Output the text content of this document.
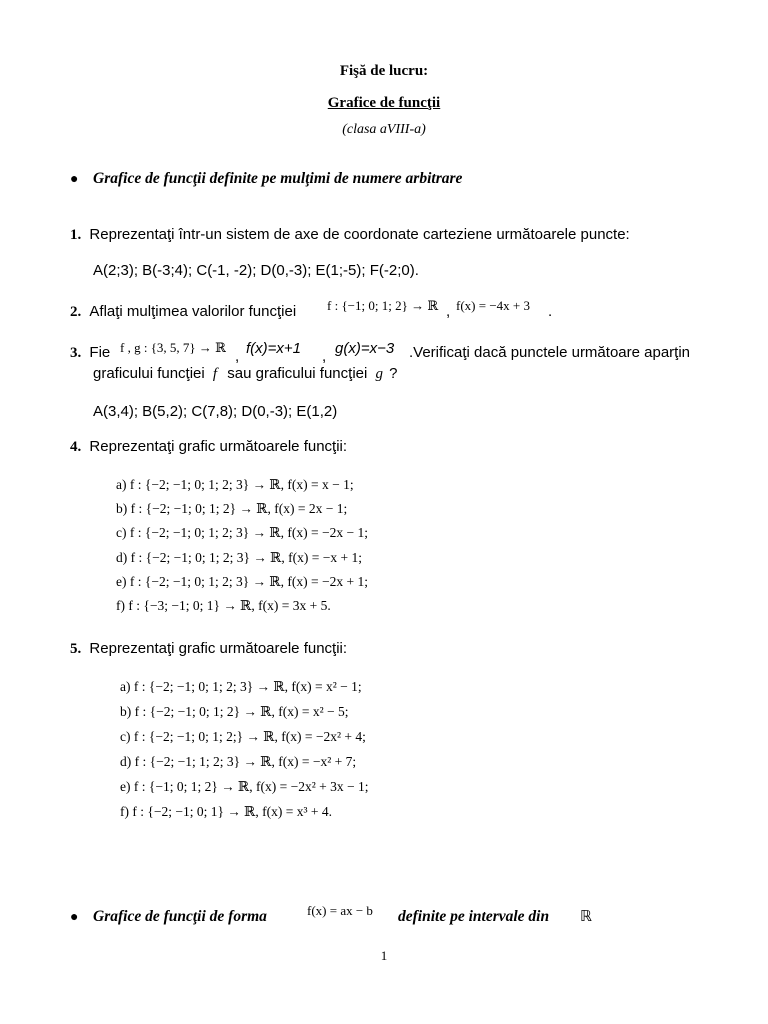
Fişă de lucru:
Grafice de funcţii
(clasa aVIII-a)
● Grafice de funcţii definite pe mulţimi de numere arbitrare
1. Reprezentaţi într-un sistem de axe de coordonate carteziene următoarele puncte:
A(2;3); B(-3;4); C(-1, -2); D(0,-3); E(1;-5); F(-2;0).
2. Aflaţi mulţimea valorilor funcţiei f : {−1; 0; 1; 2} → ℝ , f(x) = −4x + 3 .
3. Fie f , g : {3, 5, 7} → ℝ
, f(x)=x+1 , g(x)=x−3 .Verificaţi dacă punctele următoare aparţin
graficului funcţiei f sau graficului funcţiei g ?
A(3,4); B(5,2); C(7,8); D(0,-3); E(1,2)
4. Reprezentaţi grafic următoarele funcţii:
a) f : {−2; −1; 0; 1; 2; 3} → ℝ, f(x) = x − 1;
b) f : {−2; −1; 0; 1; 2} → ℝ, f(x) = 2x − 1;
c) f : {−2; −1; 0; 1; 2; 3} → ℝ, f(x) = −2x − 1;
d) f : {−2; −1; 0; 1; 2; 3} → ℝ, f(x) = −x + 1;
e) f : {−2; −1; 0; 1; 2; 3} → ℝ, f(x) = −2x + 1;
f) f : {−3; −1; 0; 1} → ℝ, f(x) = 3x + 5.
5. Reprezentaţi grafic următoarele funcţii:
a) f : {−2; −1; 0; 1; 2; 3} → ℝ, f(x) = x² − 1;
b) f : {−2; −1; 0; 1; 2} → ℝ, f(x) = x² − 5;
c) f : {−2; −1; 0; 1; 2;} → ℝ, f(x) = −2x² + 4;
d) f : {−2; −1; 1; 2; 3} → ℝ, f(x) = −x² + 7;
e) f : {−1; 0; 1; 2} → ℝ, f(x) = −2x² + 3x − 1;
f) f : {−2; −1; 0; 1} → ℝ, f(x) = x³ + 4.
● Grafice de funcţii de forma	f(x) = ax − b definite pe intervale din ℝ
1
